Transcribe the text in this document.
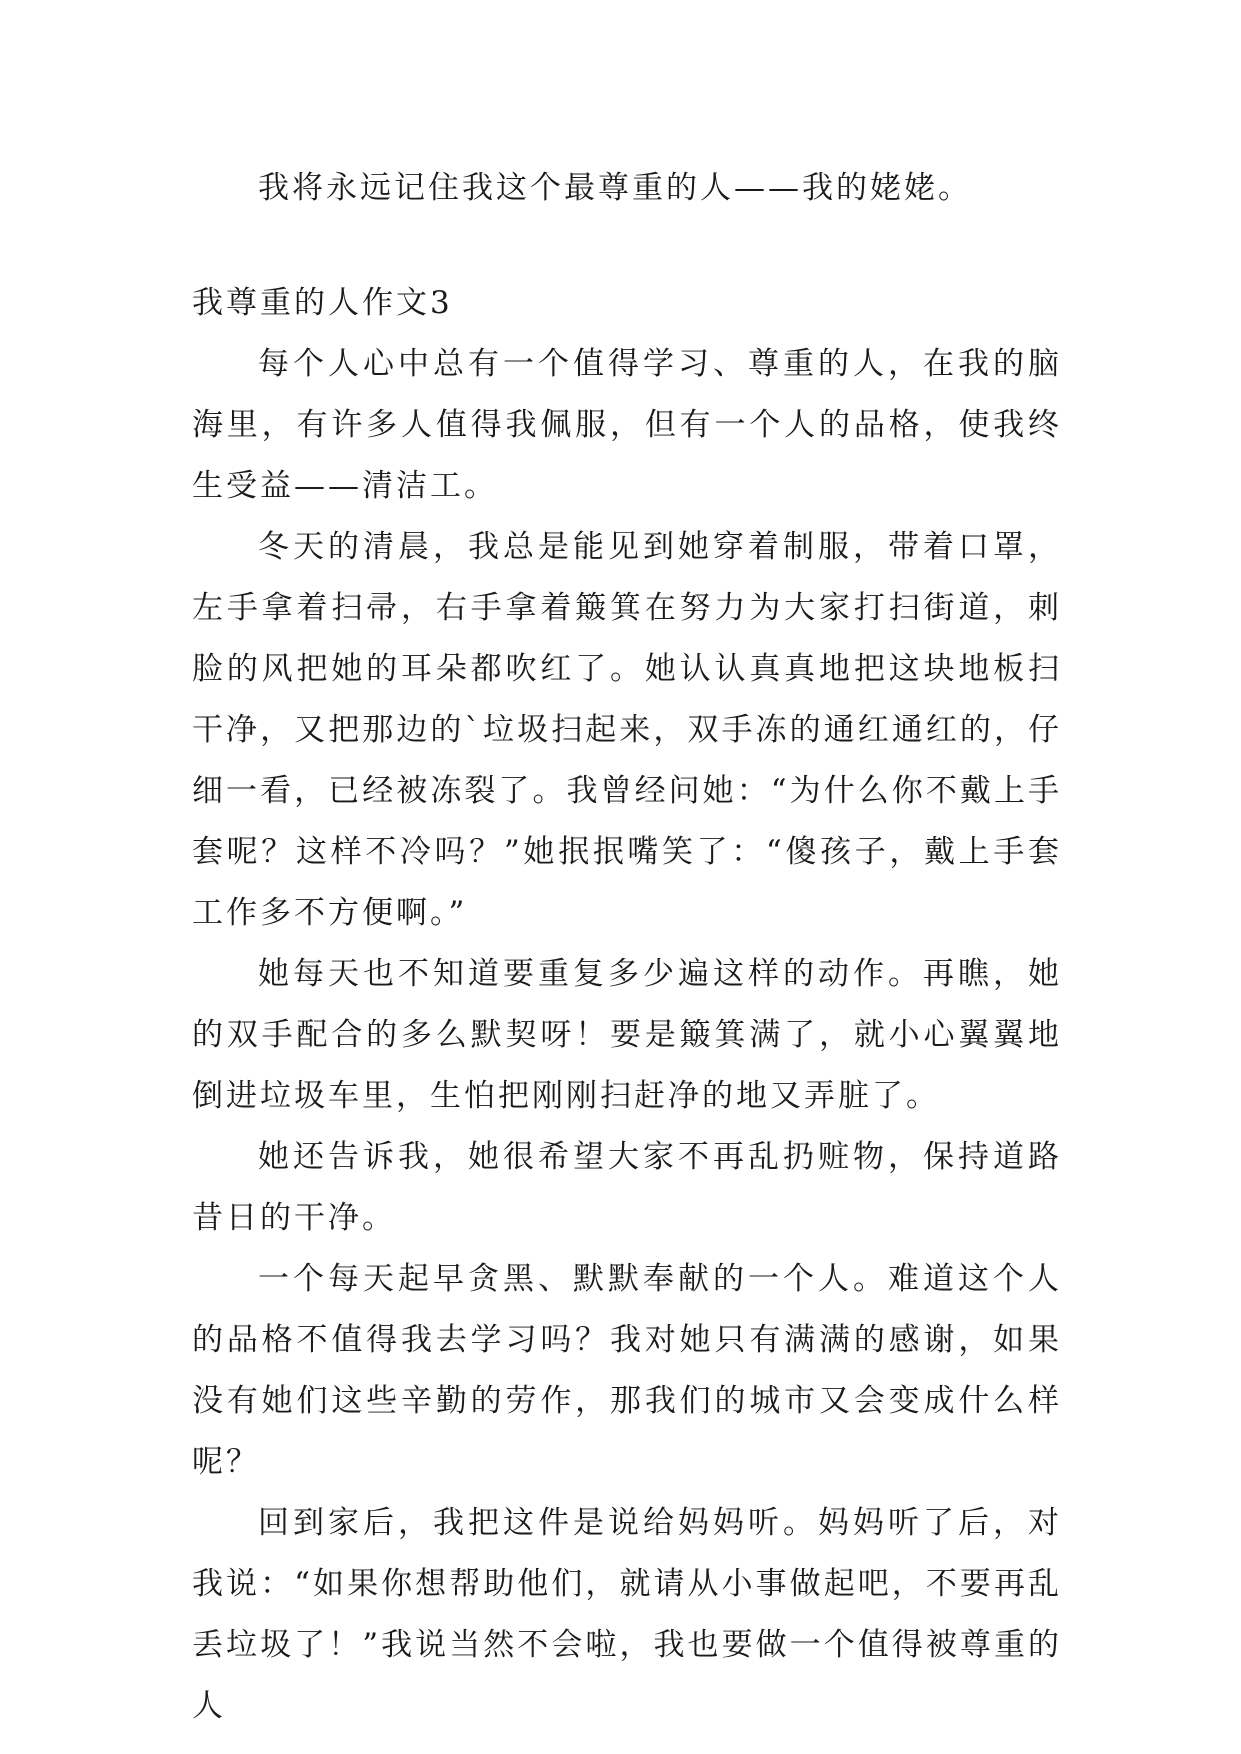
我将永远记住我这个最尊重的人——我的姥姥。

我尊重的人作文3

每个人心中总有一个值得学习、尊重的人，在我的脑海里，有许多人值得我佩服，但有一个人的品格，使我终生受益——清洁工。

冬天的清晨，我总是能见到她穿着制服，带着口罩，左手拿着扫帚，右手拿着簸箕在努力为大家打扫街道，刺脸的风把她的耳朵都吹红了。她认认真真地把这块地板扫干净，又把那边的`垃圾扫起来，双手冻的通红通红的，仔细一看，已经被冻裂了。我曾经问她：“为什么你不戴上手套呢？这样不冷吗？”她抿抿嘴笑了：“傻孩子，戴上手套工作多不方便啊。”

她每天也不知道要重复多少遍这样的动作。再瞧，她的双手配合的多么默契呀！要是簸箕满了，就小心翼翼地倒进垃圾车里，生怕把刚刚扫赶净的地又弄脏了。

她还告诉我，她很希望大家不再乱扔赃物，保持道路昔日的干净。

一个每天起早贪黑、默默奉献的一个人。难道这个人的品格不值得我去学习吗？我对她只有满满的感谢，如果没有她们这些辛勤的劳作，那我们的城市又会变成什么样呢？

回到家后，我把这件是说给妈妈听。妈妈听了后，对我说：“如果你想帮助他们，就请从小事做起吧，不要再乱丢垃圾了！”我说当然不会啦，我也要做一个值得被尊重的人
